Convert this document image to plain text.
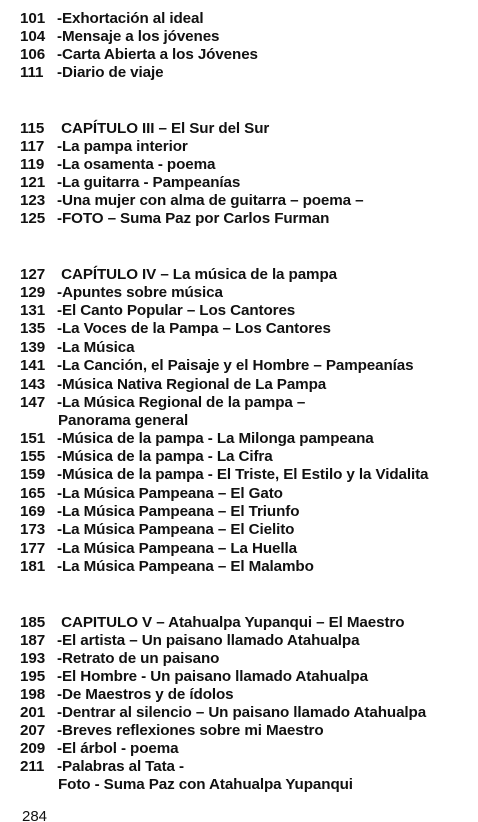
101 -Exhortación al ideal
104 -Mensaje a los jóvenes
106 -Carta Abierta a los Jóvenes
111 -Diario de viaje
115 CAPÍTULO III – El Sur del Sur
117 -La pampa interior
119 -La osamenta - poema
121 -La guitarra - Pampeanías
123 -Una mujer con alma de guitarra – poema –
125 -FOTO – Suma Paz por Carlos Furman
127 CAPÍTULO IV – La música de la pampa
129 -Apuntes sobre música
131 -El Canto Popular – Los Cantores
135 -La Voces de la Pampa – Los Cantores
139 -La Música
141 -La Canción, el Paisaje y el Hombre – Pampeanías
143 -Música Nativa Regional de La Pampa
147 -La Música Regional de la pampa –
Panorama general
151 -Música de la pampa - La Milonga pampeana
155 -Música de la pampa - La Cifra
159 -Música de la pampa - El Triste, El Estilo y la Vidalita
165 -La Música Pampeana – El Gato
169 -La Música Pampeana – El Triunfo
173 -La Música Pampeana – El Cielito
177 -La Música Pampeana – La Huella
181 -La Música Pampeana – El Malambo
185 CAPITULO V – Atahualpa Yupanqui – El Maestro
187 -El artista – Un paisano llamado Atahualpa
193 -Retrato de un paisano
195 -El Hombre - Un paisano llamado Atahualpa
198 -De Maestros y de ídolos
201 -Dentrar al silencio – Un paisano llamado Atahualpa
207 -Breves reflexiones sobre mi Maestro
209 -El árbol - poema
211 -Palabras al Tata -
Foto - Suma Paz con Atahualpa Yupanqui
284
